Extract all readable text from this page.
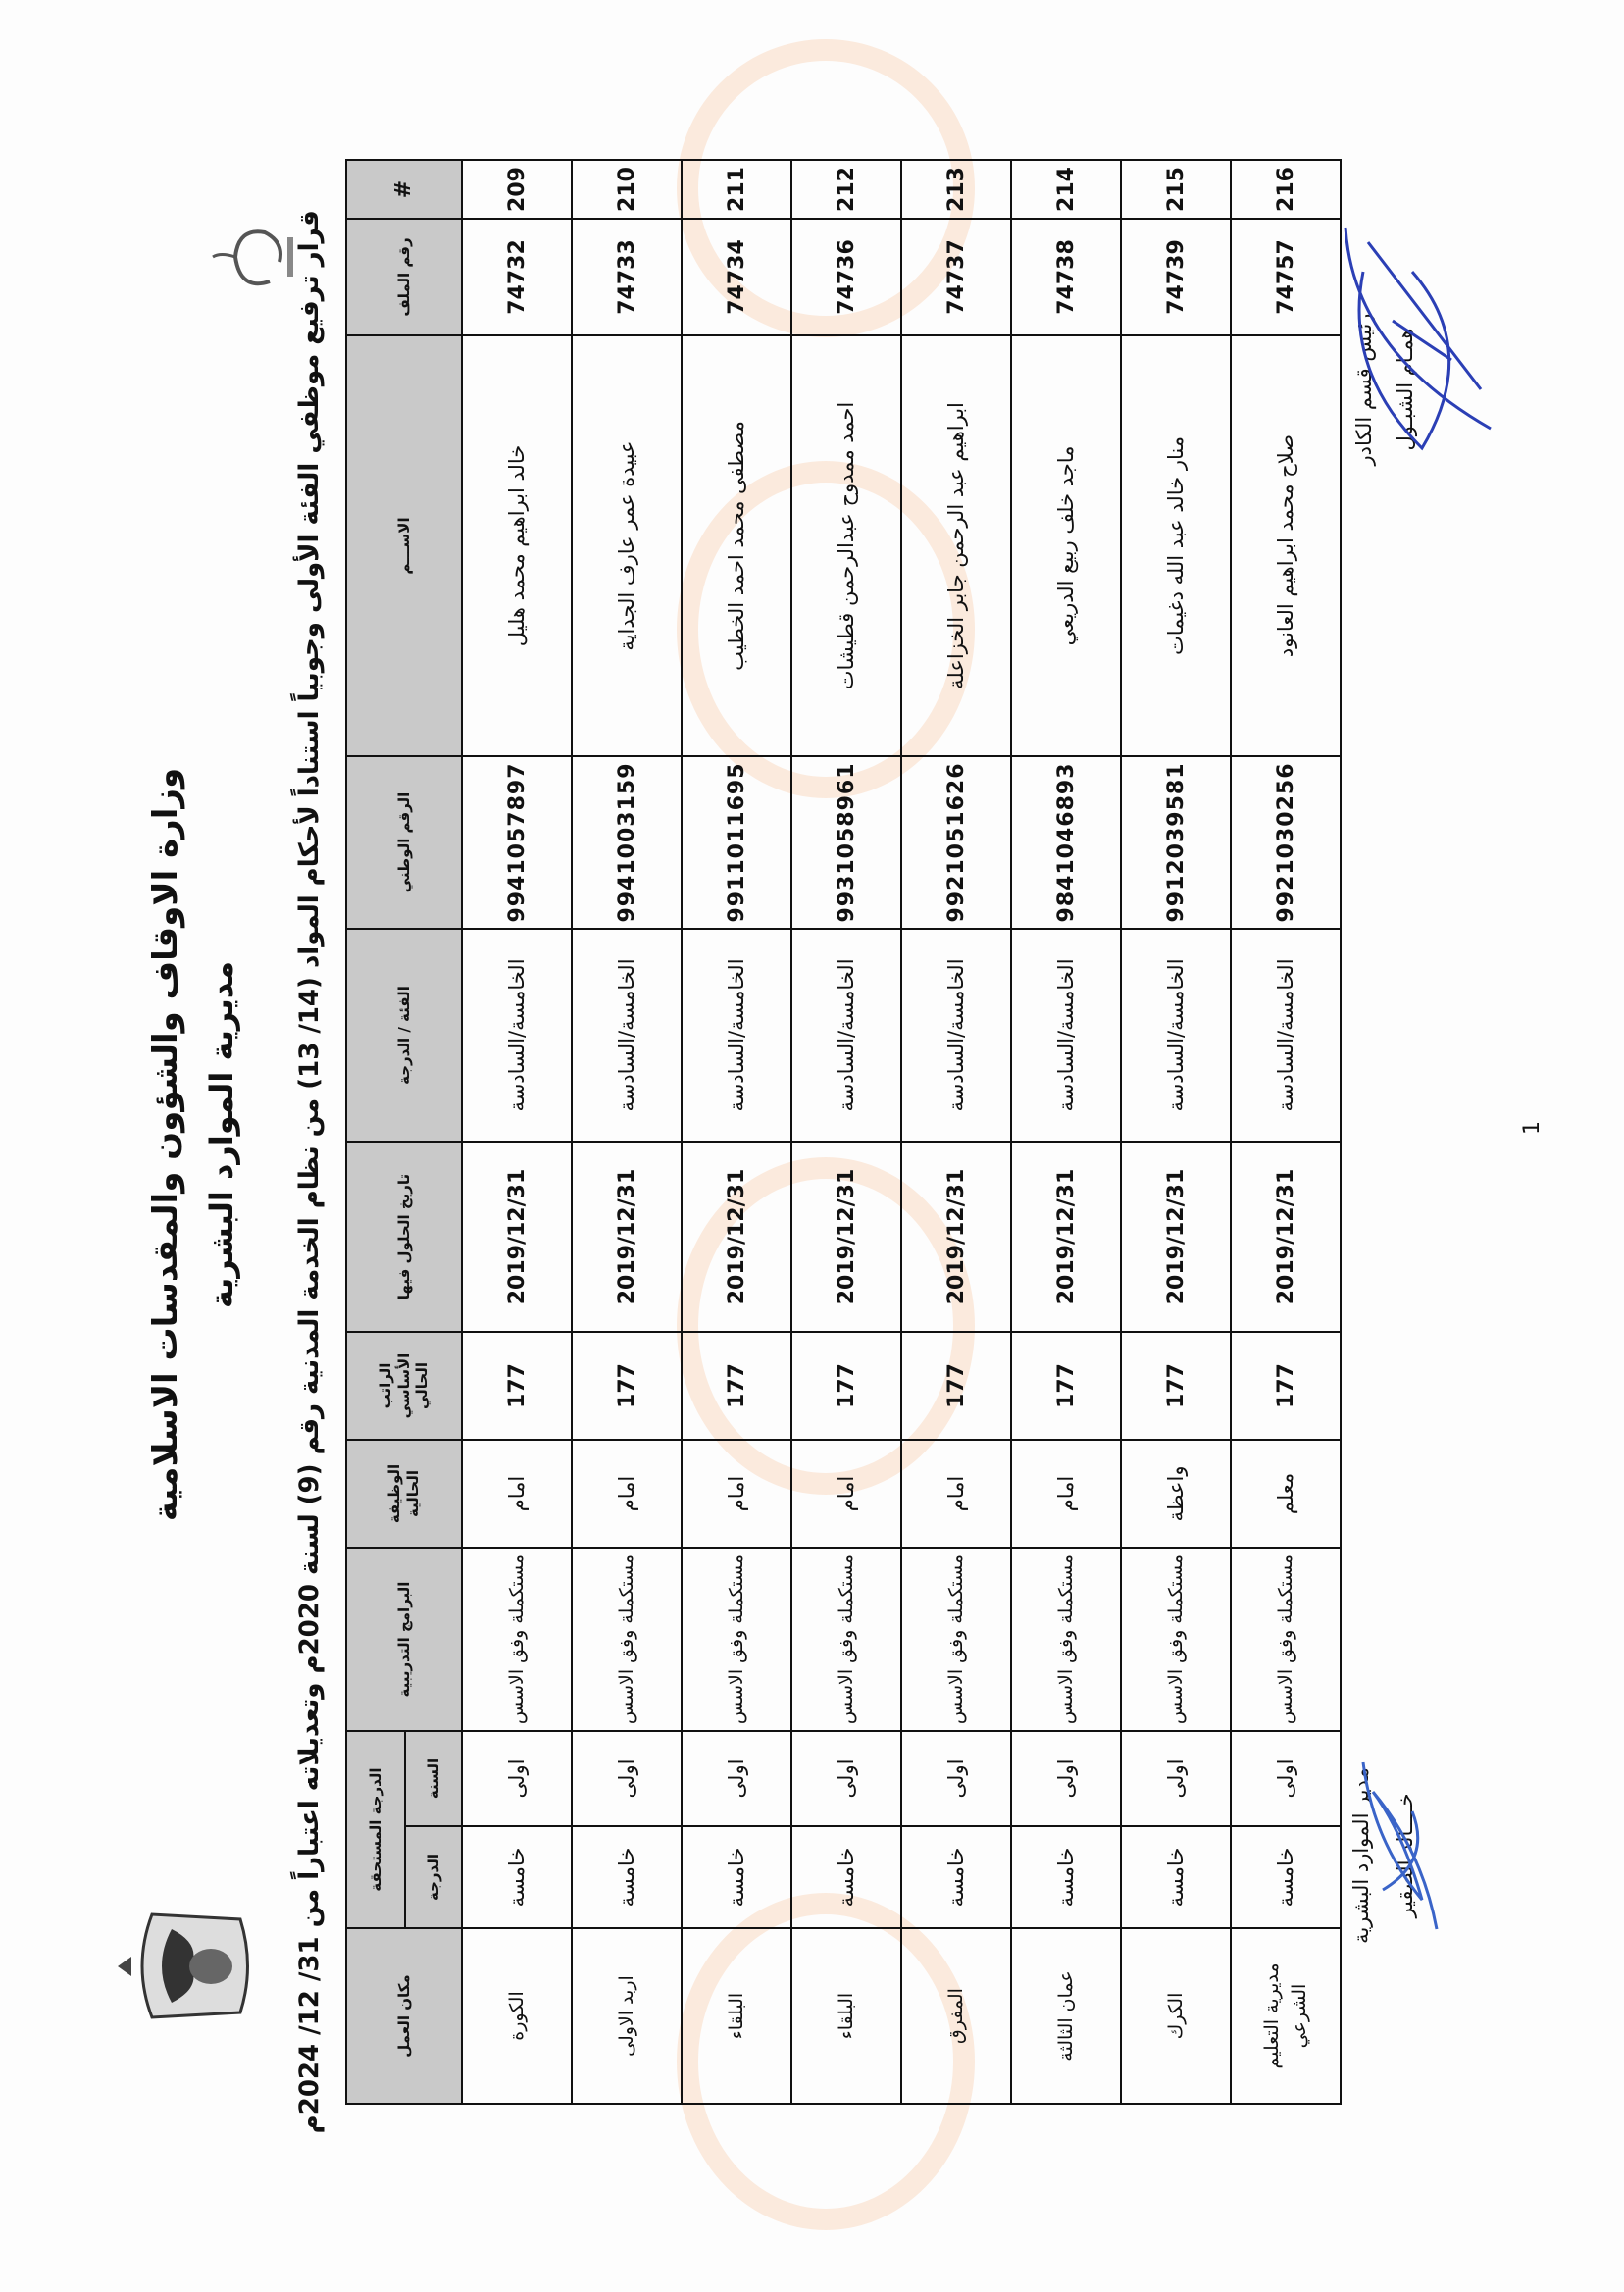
وزارة الاوقاف والشؤون والمقدسات الاسلامية مديرية الموارد البشرية
قرار ترفيع موظفي الفئة الأولى وجوبياً استناداً لأحكام المواد (14/ 13) من نظام الخدمة المدنية رقم (9) لسنة 2020م وتعديلاته اعتباراً من 31/ 12/ 2024م
#	رقم الملف	الاســـم	الرقم الوطني	الفئة / الدرجة	تاريخ الحلول فيها	الراتب الأساسي الحالي	الوظيفة الحالية	البرامج التدريبية	الدرجة المستحقة		مكان العمل
									السنة	الدرجة	
209	74732	خالد ابراهيم محمد هليل	9941057897	الخامسة/السادسة	2019/12/31	177	امام	مستكملة وفق الاسس	اولى	خامسة	الكورة
210	74733	عبيدة عمر عارف الجداية	9941003159	الخامسة/السادسة	2019/12/31	177	امام	مستكملة وفق الاسس	اولى	خامسة	اربد الاولى
211	74734	مصطفى محمد احمد الخطيب	9911011695	الخامسة/السادسة	2019/12/31	177	امام	مستكملة وفق الاسس	اولى	خامسة	البلقاء
212	74736	احمد ممدوح عبدالرحمن قطيشات	9931058961	الخامسة/السادسة	2019/12/31	177	امام	مستكملة وفق الاسس	اولى	خامسة	البلقاء
213	74737	ابراهيم عبد الرحمن جابر الخزاعلة	9921051626	الخامسة/السادسة	2019/12/31	177	امام	مستكملة وفق الاسس	اولى	خامسة	المفرق
214	74738	ماجد خلف ربيع الدريعي	9841046893	الخامسة/السادسة	2019/12/31	177	امام	مستكملة وفق الاسس	اولى	خامسة	عمان الثالثة
215	74739	منار خالد عبد الله دغيمات	9912039581	الخامسة/السادسة	2019/12/31	177	واعظة	مستكملة وفق الاسس	اولى	خامسة	الكرك
216	74757	صلاح محمد ابراهيم العانود	9921030256	الخامسة/السادسة	2019/12/31	177	معلم	مستكملة وفق الاسس	اولى	خامسة	مديرية التعليم الشرعي
رئيس قسم الكادر همـام الشبـول
مدير الموارد البشرية خــــالد الصقير
1
